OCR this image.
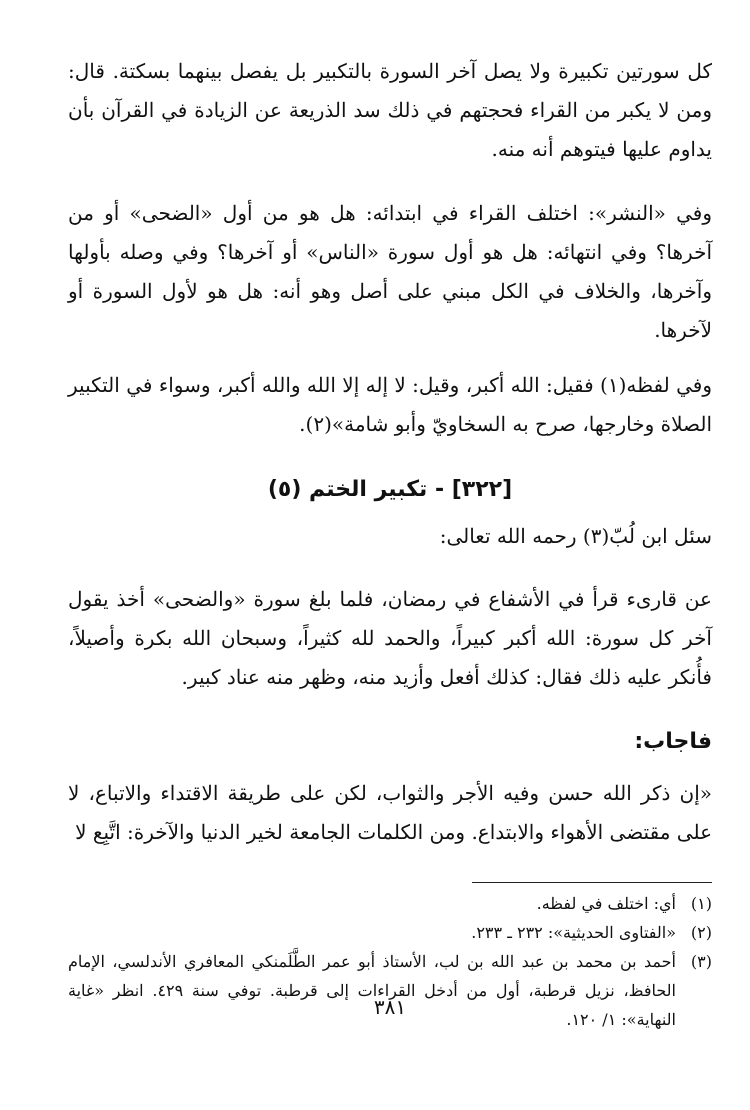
كل سورتين تكبيرة ولا يصل آخر السورة بالتكبير بل يفصل بينهما بسكتة. قال: ومن لا يكبر من القراء فحجتهم في ذلك سد الذريعة عن الزيادة في القرآن بأن يداوم عليها فيتوهم أنه منه.

وفي «النشر»: اختلف القراء في ابتدائه: هل هو من أول «الضحى» أو من آخرها؟ وفي انتهائه: هل هو أول سورة «الناس» أو آخرها؟ وفي وصله بأولها وآخرها، والخلاف في الكل مبني على أصل وهو أنه: هل هو لأول السورة أو لآخرها.

وفي لفظه(١) فقيل: الله أكبر، وقيل: لا إله إلا الله والله أكبر، وسواء في التكبير الصلاة وخارجها، صرح به السخاويّ وأبو شامة»(٢).

[٣٢٢] - تكبير الختم (٥)
سئل ابن لُبّ(٣) رحمه الله تعالى:

عن قارىء قرأ في الأشفاع في رمضان، فلما بلغ سورة «والضحى» أخذ يقول آخر كل سورة: الله أكبر كبيراً، والحمد لله كثيراً، وسبحان الله بكرة وأصيلاً، فأُنكر عليه ذلك فقال: كذلك أفعل وأزيد منه، وظهر منه عناد كبير.

فاجاب:

«إن ذكر الله حسن وفيه الأجر والثواب، لكن على طريقة الاقتداء والاتباع، لا على مقتضى الأهواء والابتداع. ومن الكلمات الجامعة لخير الدنيا والآخرة: اتَّبِع لا

(١)
أي: اختلف في لفظه.
(٢)
«الفتاوى الحديثية»: ٢٣٢ ـ ٢٣٣.
(٣)
أحمد بن محمد بن عبد الله بن لب، الأستاذ أبو عمر الطَّلَمنكي المعافري الأندلسي، الإمام الحافظ، نزيل قرطبة، أول من أدخل القراءات إلى قرطبة. توفي سنة ٤٢٩. انظر «غاية النهاية»: ١/ ١٢٠.
٣٨١
